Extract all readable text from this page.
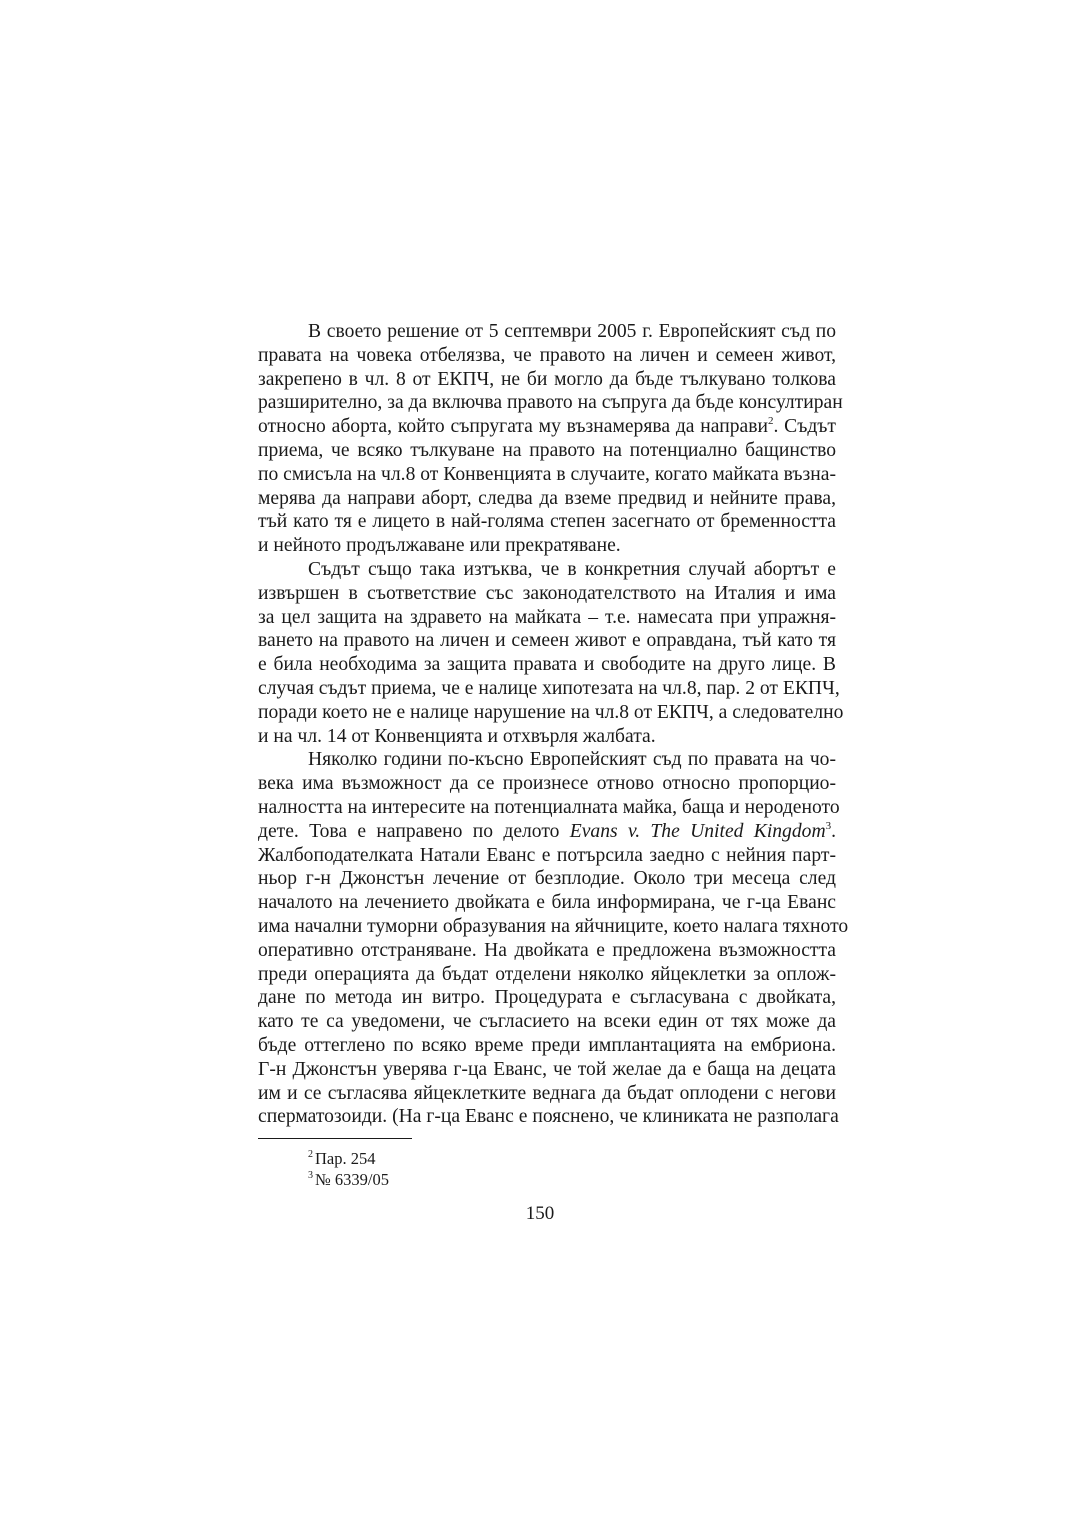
В своето решение от 5 септември 2005 г. Европейският съд по
правата на човека отбелязва, че правото на личен и семеен живот,
закрепено в чл. 8 от ЕКПЧ, не би могло да бъде тълкувано толкова
разширително, за да включва правото на съпруга да бъде консултиран
относно аборта, който съпругата му възнамерява да направи$^2$. Съдът
приема, че всяко тълкуване на правото на потенциално бащинство
по смисъла на чл.8 от Конвенцията в случаите, когато майката възна-
мерява да направи аборт, следва да вземе предвид и нейните права,
тъй като тя е лицето в най-голяма степен засегнато от бременността
и нейното продължаване или прекратяване.
Съдът също така изтъква, че в конкретния случай абортът е
извършен в съответствие със законодателството на Италия и има
за цел защита на здравето на майката – т.е. намесата при упражня-
ването на правото на личен и семеен живот е оправдана, тъй като тя
е била необходима за защита правата и свободите на друго лице. В
случая съдът приема, че е налице хипотезата на чл.8, пар. 2 от ЕКПЧ,
поради което не е налице нарушение на чл.8 от ЕКПЧ, а следователно
и на чл. 14 от Конвенцията и отхвърля жалбата.
Няколко години по-късно Европейският съд по правата на чо-
века има възможност да се произнесе отново относно пропорцио-
налността на интересите на потенциалната майка, баща и нероденото
дете. Това е направено по делото Evans v. The United Kingdom$^3$.
Жалбоподателката Натали Еванс е потърсила заедно с нейния парт-
ньор г-н Джонстън лечение от безплодие. Около три месеца след
началото на лечението двойката е била информирана, че г-ца Еванс
има начални туморни образувания на яйчниците, което налага тяхното
оперативно отстраняване. На двойката е предложена възможността
преди операцията да бъдат отделени няколко яйцеклетки за оплож-
дане по метода ин витро. Процедурата е съгласувана с двойката,
като те са уведомени, че съгласието на всеки един от тях може да
бъде оттеглено по всяко време преди имплантацията на ембриона.
Г-н Джонстън уверява г-ца Еванс, че той желае да е баща на децата
им и се съгласява яйцеклетките веднага да бъдат оплодени с негови
сперматозоиди. (На г-ца Еванс е пояснено, че клиниката не разполага
$^2$ Пар. 254
$^3$ № 6339/05
150
